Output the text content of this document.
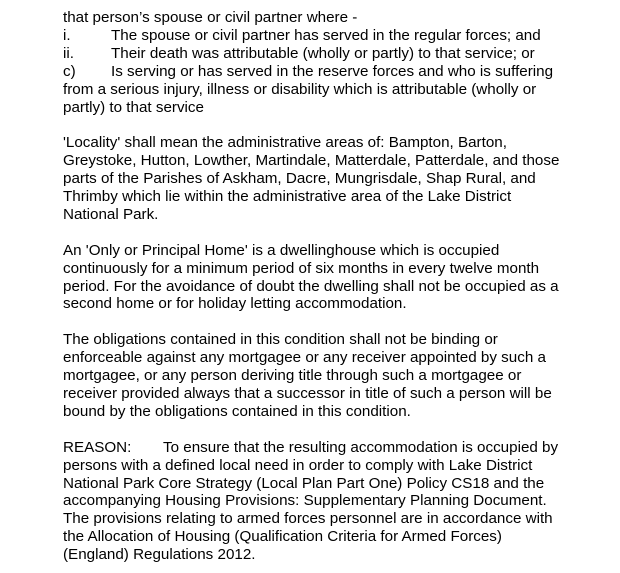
that person’s spouse or civil partner where -
i.	The spouse or civil partner has served in the regular forces; and
ii. Their death was attributable (wholly or partly) to that service; or
c) Is serving or has served in the reserve forces and who is suffering
from a serious injury, illness or disability which is attributable (wholly or
partly) to that service
'Locality' shall mean the administrative areas of: Bampton, Barton,
Greystoke, Hutton, Lowther, Martindale, Matterdale, Patterdale, and those
parts of the Parishes of Askham, Dacre, Mungrisdale, Shap Rural, and
Thrimby which lie within the administrative area of the Lake District
National Park.
An 'Only or Principal Home' is a dwellinghouse which is occupied
continuously for a minimum period of six months in every twelve month
period. For the avoidance of doubt the dwelling shall not be occupied as a
second home or for holiday letting accommodation.
The obligations contained in this condition shall not be binding or
enforceable against any mortgagee or any receiver appointed by such a
mortgagee, or any person deriving title through such a mortgagee or
receiver provided always that a successor in title of such a person will be
bound by the obligations contained in this condition.
REASON: To ensure that the resulting accommodation is occupied by
persons with a defined local need in order to comply with Lake District
National Park Core Strategy (Local Plan Part One) Policy CS18 and the
accompanying Housing Provisions: Supplementary Planning Document.
The provisions relating to armed forces personnel are in accordance with
the Allocation of Housing (Qualification Criteria for Armed Forces)
(England) Regulations 2012.
